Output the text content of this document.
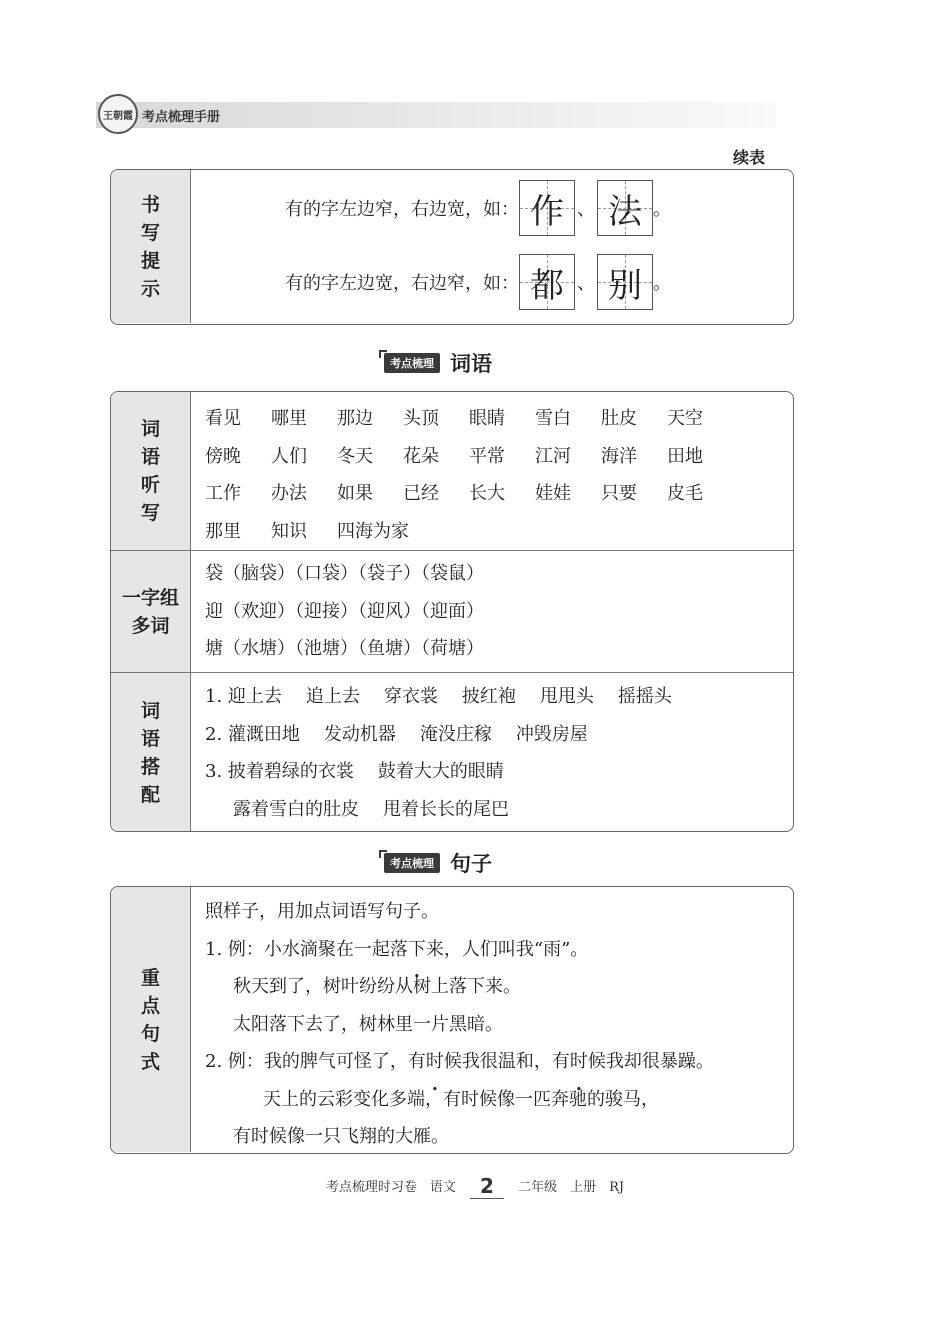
王朝霞 考点梳理手册
续表
书
写
提
示
有的字左边窄，右边宽，如： 作 、 法 。
有的字左边宽，右边窄，如： 都 、 别 。
考点梳理 词语
词
语
听
写
看见	哪里	那边	头顶	眼睛	雪白	肚皮	天空
傍晚	人们	冬天	花朵	平常	江河	海洋	田地
工作	办法	如果	已经	长大	娃娃	只要	皮毛
那里	知识	四海为家
一字组
多词
袋（脑袋）（口袋）（袋子）（袋鼠）
迎（欢迎）（迎接）（迎风）（迎面）
塘（水塘）（池塘）（鱼塘）（荷塘）
词
语
搭
配
1. 迎上去 追上去 穿衣裳 披红袍 甩甩头 摇摇头
2. 灌溉田地 发动机器 淹没庄稼 冲毁房屋
3. 披着碧绿的衣裳 鼓着大大的眼睛
露着雪白的肚皮 甩着长长的尾巴
考点梳理 句子
重
点
句
式
照样子，用加点词语写句子。
1. 例：小水滴聚在一起落下来，人们叫我“雨”。
秋天到了，树叶纷纷从树上落下来。
太阳落下去了，树林里一片黑暗。
2. 例：我的脾气可怪了，有时候我很温和，有时候我却很暴躁。
天上的云彩变化多端，有时候像一匹奔驰的骏马，
有时候像一只飞翔的大雁。
考点梳理时习卷　语文 2 二年级　上册　RJ
